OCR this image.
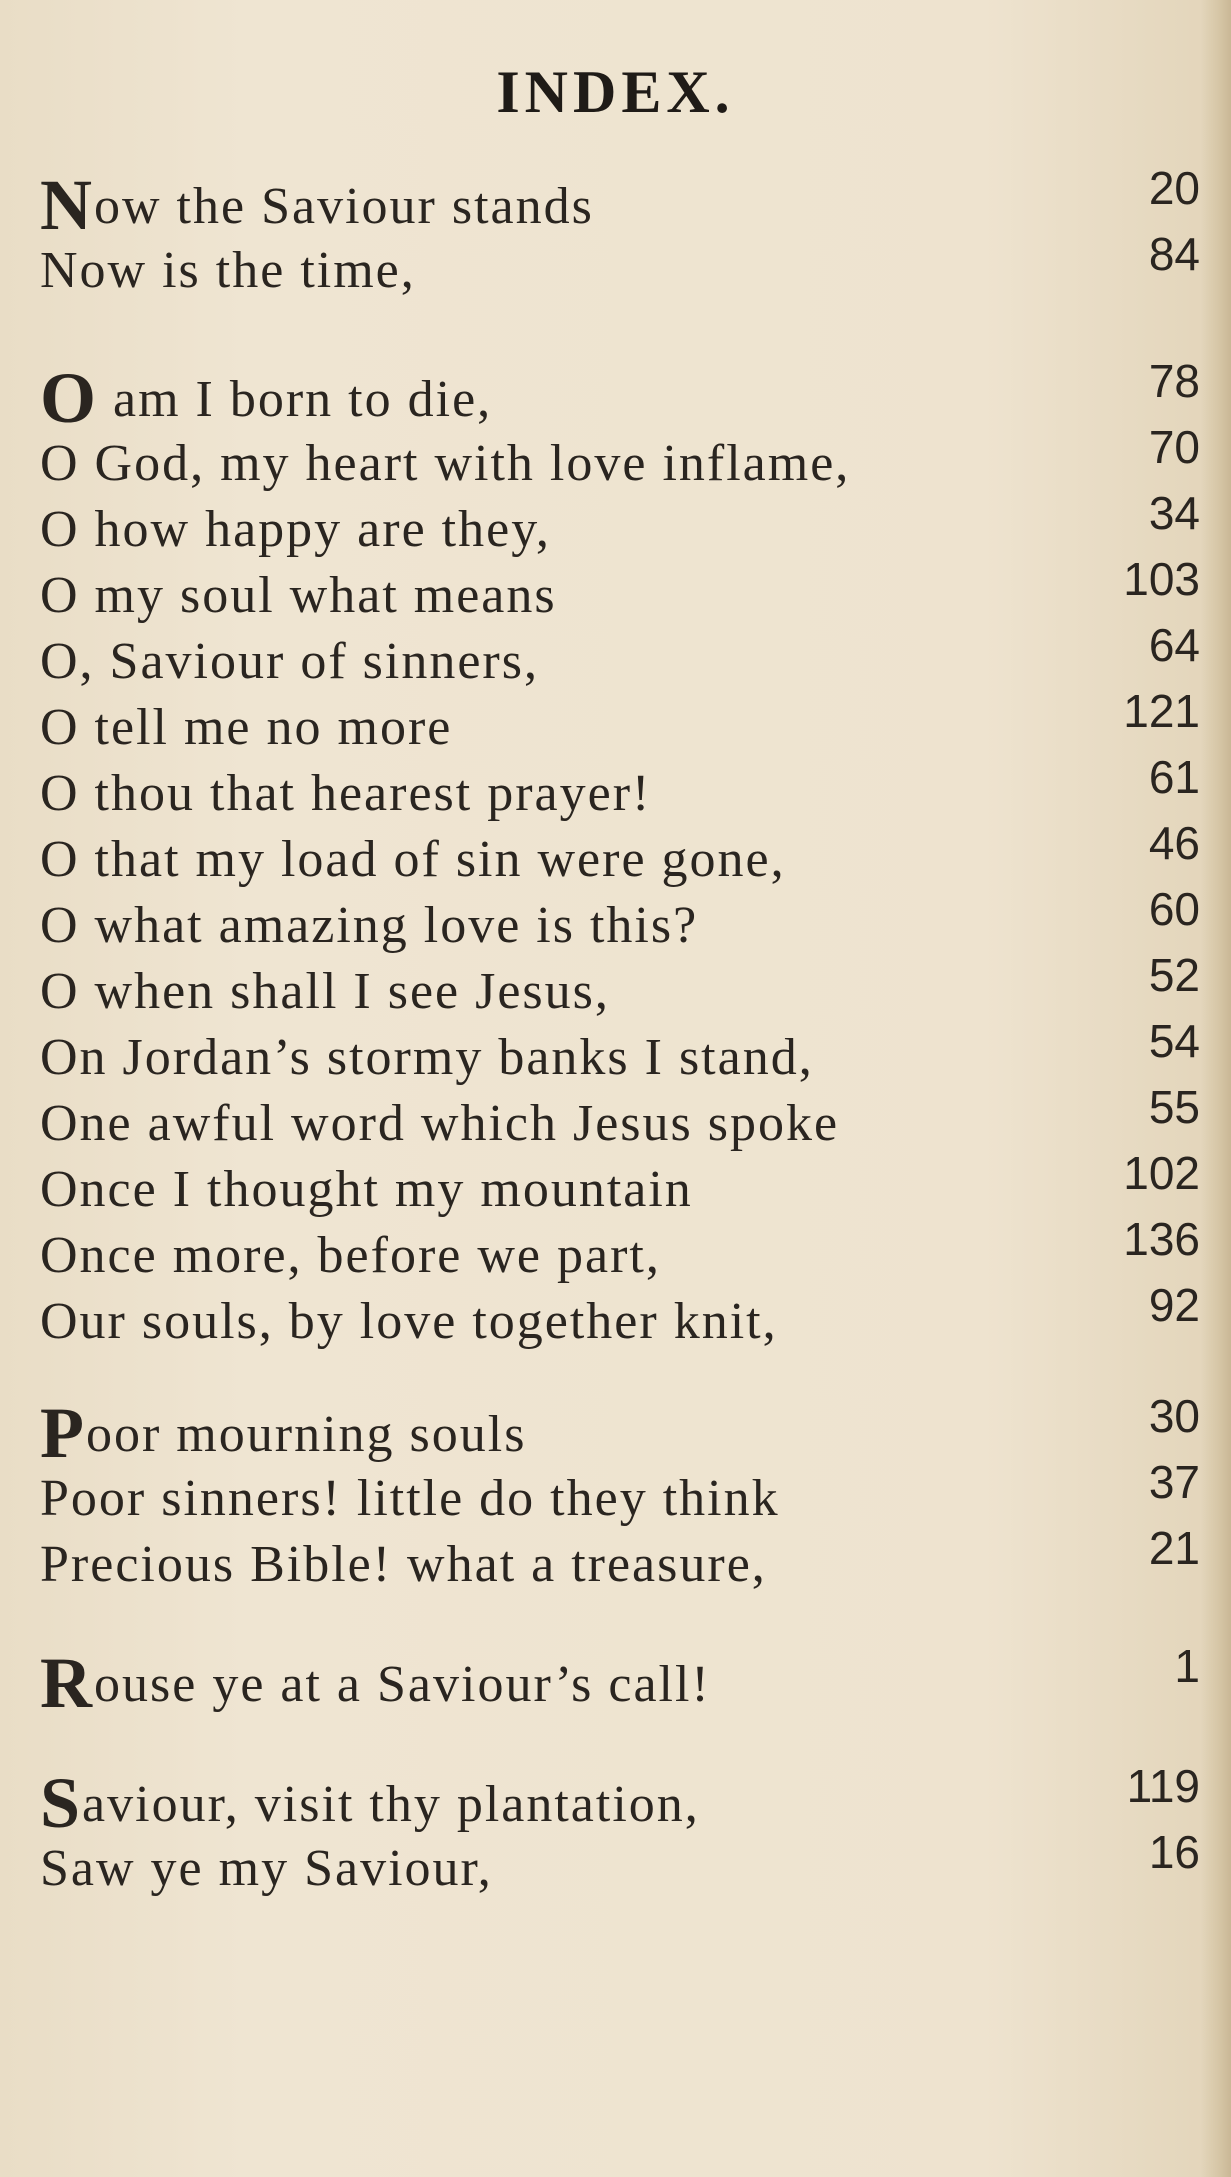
INDEX.
Now the Saviour stands	20
Now is the time,	84
O am I born to die,	78
O God, my heart with love inflame,	70
O how happy are they,	34
O my soul what means	103
O, Saviour of sinners,	64
O tell me no more	121
O thou that hearest prayer!	61
O that my load of sin were gone,	46
O what amazing love is this?	60
O when shall I see Jesus,	52
On Jordan’s stormy banks I stand,	54
One awful word which Jesus spoke	55
Once I thought my mountain	102
Once more, before we part,	136
Our souls, by love together knit,	92
Poor mourning souls	30
Poor sinners! little do they think	37
Precious Bible! what a treasure,	21
Rouse ye at a Saviour’s call!	1
Saviour, visit thy plantation,	119
Saw ye my Saviour,	16
